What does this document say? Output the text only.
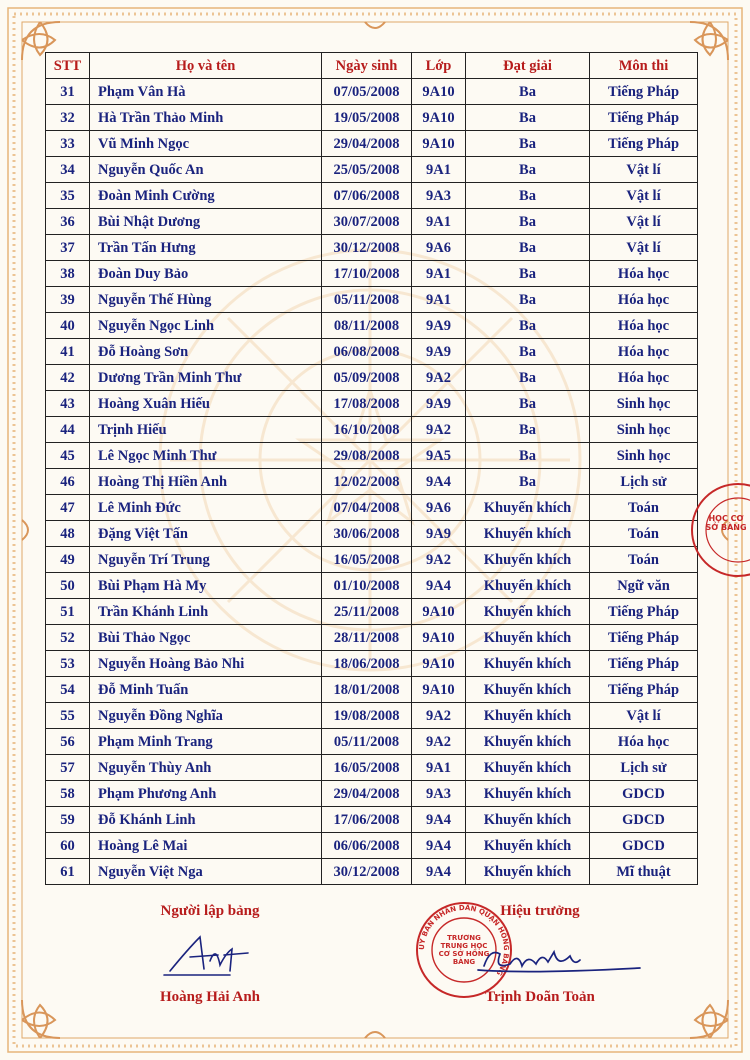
STT	Họ và tên	Ngày sinh	Lớp	Đạt giải	Môn thi
31	Phạm Vân Hà	07/05/2008	9A10	Ba	Tiếng Pháp
32	Hà Trần Thảo Minh	19/05/2008	9A10	Ba	Tiếng Pháp
33	Vũ Minh Ngọc	29/04/2008	9A10	Ba	Tiếng Pháp
34	Nguyễn Quốc An	25/05/2008	9A1	Ba	Vật lí
35	Đoàn Minh Cường	07/06/2008	9A3	Ba	Vật lí
36	Bùi Nhật Dương	30/07/2008	9A1	Ba	Vật lí
37	Trần Tấn Hưng	30/12/2008	9A6	Ba	Vật lí
38	Đoàn Duy Bảo	17/10/2008	9A1	Ba	Hóa học
39	Nguyễn Thế Hùng	05/11/2008	9A1	Ba	Hóa học
40	Nguyễn Ngọc Linh	08/11/2008	9A9	Ba	Hóa học
41	Đỗ Hoàng Sơn	06/08/2008	9A9	Ba	Hóa học
42	Dương Trần Minh Thư	05/09/2008	9A2	Ba	Hóa học
43	Hoàng Xuân Hiếu	17/08/2008	9A9	Ba	Sinh học
44	Trịnh Hiếu	16/10/2008	9A2	Ba	Sinh học
45	Lê Ngọc Minh Thư	29/08/2008	9A5	Ba	Sinh học
46	Hoàng Thị Hiền Anh	12/02/2008	9A4	Ba	Lịch sử
47	Lê Minh Đức	07/04/2008	9A6	Khuyến khích	Toán
48	Đặng Việt Tấn	30/06/2008	9A9	Khuyến khích	Toán
49	Nguyễn Trí Trung	16/05/2008	9A2	Khuyến khích	Toán
50	Bùi Phạm Hà My	01/10/2008	9A4	Khuyến khích	Ngữ văn
51	Trần Khánh Linh	25/11/2008	9A10	Khuyến khích	Tiếng Pháp
52	Bùi Thảo Ngọc	28/11/2008	9A10	Khuyến khích	Tiếng Pháp
53	Nguyễn Hoàng Bảo Nhi	18/06/2008	9A10	Khuyến khích	Tiếng Pháp
54	Đỗ Minh Tuấn	18/01/2008	9A10	Khuyến khích	Tiếng Pháp
55	Nguyễn Đồng Nghĩa	19/08/2008	9A2	Khuyến khích	Vật lí
56	Phạm Minh Trang	05/11/2008	9A2	Khuyến khích	Hóa học
57	Nguyễn Thùy Anh	16/05/2008	9A1	Khuyến khích	Lịch sử
58	Phạm Phương Anh	29/04/2008	9A3	Khuyến khích	GDCD
59	Đỗ Khánh Linh	17/06/2008	9A4	Khuyến khích	GDCD
60	Hoàng Lê Mai	06/06/2008	9A4	Khuyến khích	GDCD
61	Nguyễn Việt Nga	30/12/2008	9A4	Khuyến khích	Mĩ thuật
Người lập bảng
Hoàng Hải Anh
Hiệu trưởng
Trịnh Doãn Toản
UỶ BAN NHÂN DÂN QUẬN HỒNG BÀNG
TRƯỜNG TRUNG HỌC CƠ SỞ HỒNG BÀNG
HỌC CƠ SỞ BÀNG
